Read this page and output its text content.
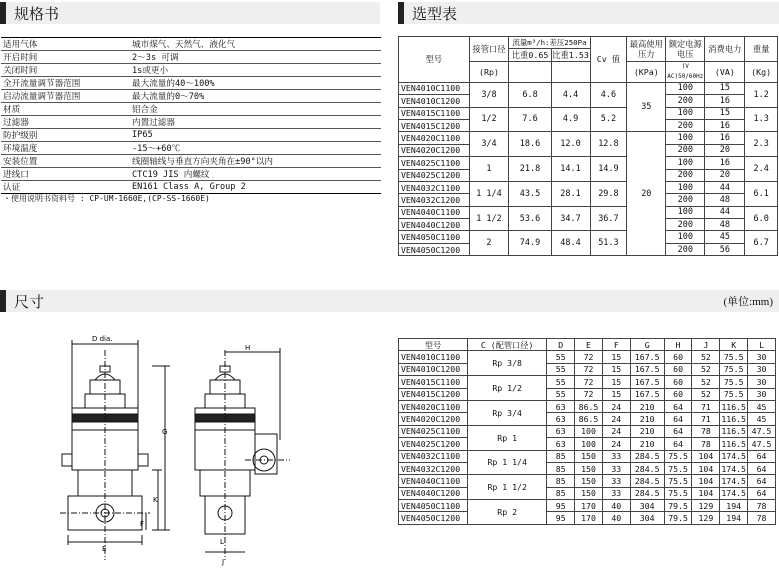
规格书	选型表
尺寸	(单位:mm)
适用气体	城市煤气、天然气、液化气
开启时间	2～3s 可调
关闭时间	1s或更小
全开流量调节器范围	最大流量的40～100%
启动流量调节器范围	最大流量的0～70%
材质	铝合金
过滤器	内置过滤器
防护级别	IP65
环境温度	-15～+60℃
安装位置	线圈轴线与垂直方向夹角在±90°以内
进线口	CTC19 JIS 内螺纹
认证	EN161 Class A, Group 2
・使用说明书资料号 : CP-UM-1660E,(CP-SS-1660E)
型号	接管口径	流量m³/h:差压250Pa		Cv 值	最高使用压力	额定电源电压	消费电力	重量
		比重0.65	比重1.53					
	(Rp)				(KPa)	(V AC)50/60Hz	(VA)	(Kg)
VEN4010C1100	3/8	6.8	4.4	4.6	35	100	15	1.2
VEN4010C1200						200	16	
VEN4015C1100	1/2	7.6	4.9	5.2		100	15	1.3
VEN4015C1200						200	16	
VEN4020C1100	3/4	18.6	12.0	12.8	20	100	16	2.3
VEN4020C1200						200	20	
VEN4025C1100	1	21.8	14.1	14.9		100	16	2.4
VEN4025C1200						200	20	
VEN4032C1100	1 1/4	43.5	28.1	29.8		100	44	6.1
VEN4032C1200						200	48	
VEN4040C1100	1 1/2	53.6	34.7	36.7		100	44	6.0
VEN4040C1200						200	48	
VEN4050C1100	2	74.9	48.4	51.3		100	45	6.7
VEN4050C1200						200	56	
D dia.
H
G
K
F
E
L
J
型号	C (配管口径)	D	E	F	G	H	J	K	L
VEN4010C1100	Rp 3/8	55	72	15	167.5	60	52	75.5	30
VEN4010C1200		55	72	15	167.5	60	52	75.5	30
VEN4015C1100	Rp 1/2	55	72	15	167.5	60	52	75.5	30
VEN4015C1200		55	72	15	167.5	60	52	75.5	30
VEN4020C1100	Rp 3/4	63	86.5	24	210	64	71	116.5	45
VEN4020C1200		63	86.5	24	210	64	71	116.5	45
VEN4025C1100	Rp 1	63	100	24	210	64	78	116.5	47.5
VEN4025C1200		63	100	24	210	64	78	116.5	47.5
VEN4032C1100	Rp 1 1/4	85	150	33	284.5	75.5	104	174.5	64
VEN4032C1200		85	150	33	284.5	75.5	104	174.5	64
VEN4040C1100	Rp 1 1/2	85	150	33	284.5	75.5	104	174.5	64
VEN4040C1200		85	150	33	284.5	75.5	104	174.5	64
VEN4050C1100	Rp 2	95	170	40	304	79.5	129	194	78
VEN4050C1200		95	170	40	304	79.5	129	194	78
